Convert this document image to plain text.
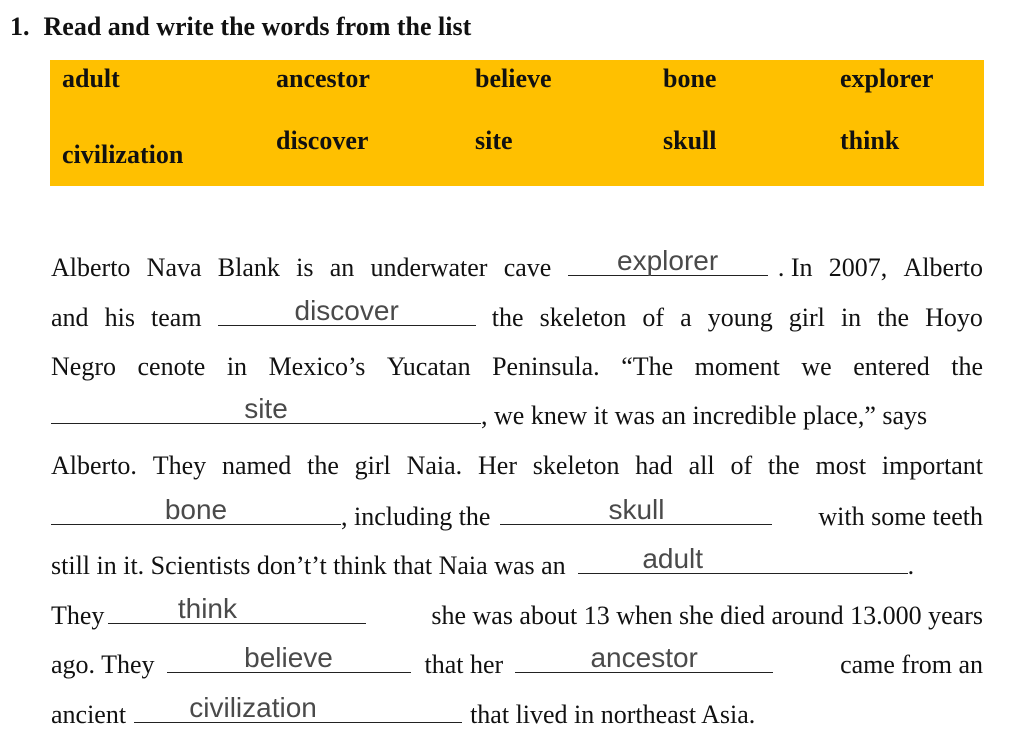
1. Read and write the words from the list
adult	ancestor	believe	bone	explorer
civilization	discover	site	skull	think
Alberto Nava Blank is an underwater cave	explorer	. In 2007, Alberto
and his team	discover	the skeleton of a young girl in the Hoyo
Negro cenote in Mexico’s Yucatan Peninsula. “The moment we entered the
site	, we knew it was an incredible place,” says
Alberto. They named the girl Naia. Her skeleton had all of the most important
bone	, including the	skull	with some teeth
still in it. Scientists don’t’t think that Naia was an	adult	.
They	think	she was about 13 when she died around 13.000 years
ago. They	believe	that her	ancestor	came from an
ancient	civilization	that lived in northeast Asia.
